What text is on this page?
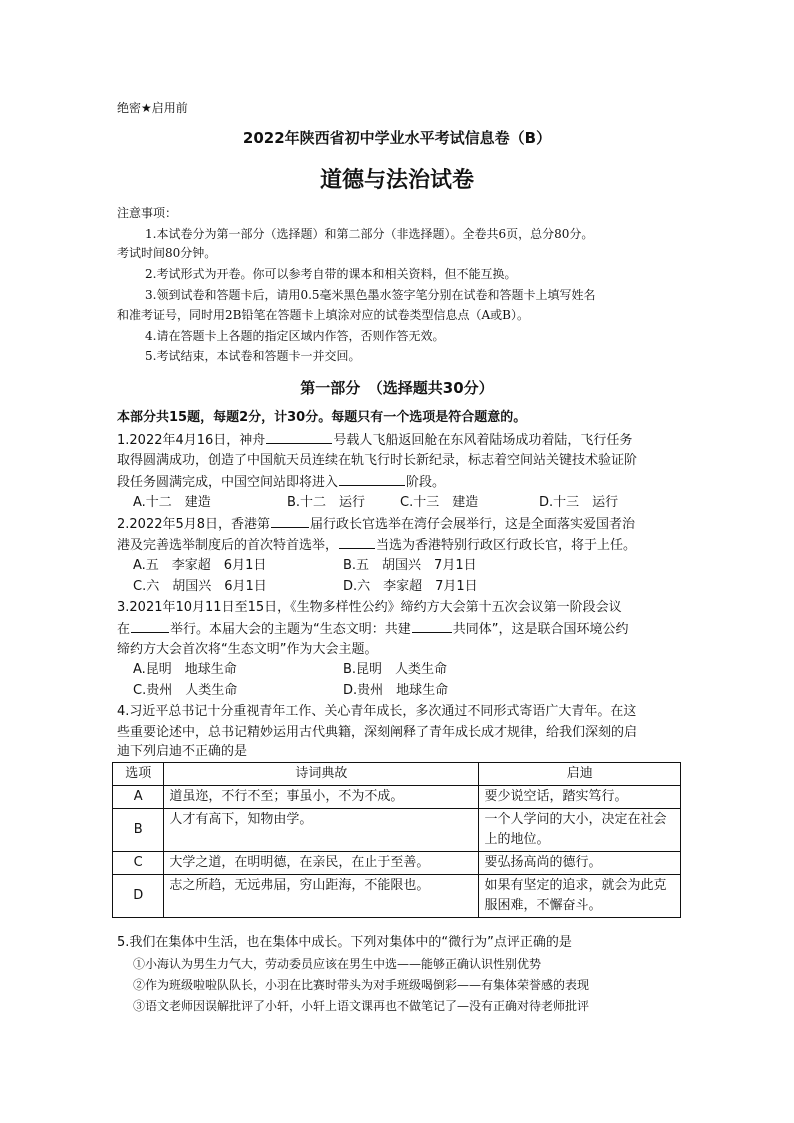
绝密★启用前
2022年陕西省初中学业水平考试信息卷（B）
道德与法治试卷
注意事项：
1.本试卷分为第一部分（选择题）和第二部分（非选择题）。全卷共6页，总分80分。
考试时间80分钟。
2.考试形式为开卷。你可以参考自带的课本和相关资料，但不能互换。
3.领到试卷和答题卡后，请用0.5毫米黑色墨水签字笔分别在试卷和答题卡上填写姓名
和准考证号，同时用2B铅笔在答题卡上填涂对应的试卷类型信息点（A或B）。
4.请在答题卡上各题的指定区域内作答，否则作答无效。
5.考试结束，本试卷和答题卡一并交回。
第一部分　（选择题共30分）
本部分共15题，每题2分，计30分。每题只有一个选项是符合题意的。
1.2022年4月16日，神舟	号载人飞船返回舱在东风着陆场成功着陆，飞行任务
取得圆满成功，创造了中国航天员连续在轨飞行时长新纪录，标志着空间站关键技术验证阶
段任务圆满完成，中国空间站即将进入	阶段。
A.十二　建造	B.十二　运行	C.十三　建造	D.十三　运行
2.2022年5月8日，香港第	届行政长官选举在湾仔会展举行，这是全面落实爱国者治
港及完善选举制度后的首次特首选举，	当选为香港特别行政区行政长官，将于上任。
A.五　李家超　6月1日	B.五　胡国兴　7月1日
C.六　胡国兴　6月1日	D.六　李家超　7月1日
3.2021年10月11日至15日，《生物多样性公约》缔约方大会第十五次会议第一阶段会议
在	举行。本届大会的主题为“生态文明：共建	共同体”，这是联合国环境公约
缔约方大会首次将“生态文明”作为大会主题。
A.昆明　地球生命	B.昆明　人类生命
C.贵州　人类生命	D.贵州　地球生命
4.习近平总书记十分重视青年工作、关心青年成长，多次通过不同形式寄语广大青年。在这
些重要论述中，总书记精妙运用古代典籍，深刻阐释了青年成长成才规律，给我们深刻的启
迪下列启迪不正确的是
选项	诗词典故	启迪
A	道虽迩，不行不至；事虽小，不为不成。	要少说空话，踏实笃行。
B	人才有高下，知物由学。	一个人学问的大小，决定在社会上的地位。
C	大学之道，在明明德，在亲民，在止于至善。	要弘扬高尚的德行。
D	志之所趋，无远弗届，穷山距海，不能限也。	如果有坚定的追求，就会为此克服困难，不懈奋斗。
5.我们在集体中生活，也在集体中成长。下列对集体中的“微行为”点评正确的是
①小海认为男生力气大，劳动委员应该在男生中选——能够正确认识性别优势
②作为班级啦啦队队长，小羽在比赛时带头为对手班级喝倒彩——有集体荣誉感的表现
③语文老师因误解批评了小轩，小轩上语文课再也不做笔记了—没有正确对待老师批评
